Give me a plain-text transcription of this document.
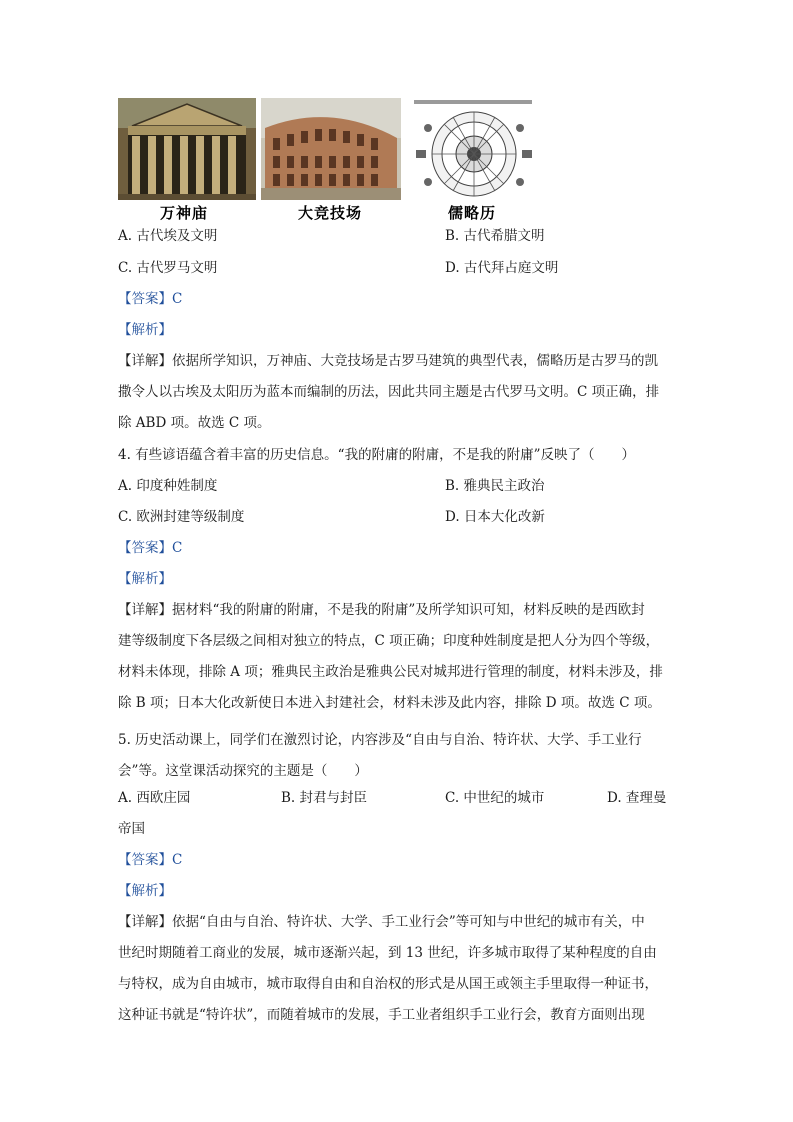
万神庙	大竞技场	儒略历
A. 古代埃及文明	B. 古代希腊文明
C. 古代罗马文明	D. 古代拜占庭文明
【答案】C
【解析】
【详解】依据所学知识，万神庙、大竞技场是古罗马建筑的典型代表，儒略历是古罗马的凯
撒令人以古埃及太阳历为蓝本而编制的历法，因此共同主题是古代罗马文明。C 项正确，排
除 ABD 项。故选 C 项。
4. 有些谚语蕴含着丰富的历史信息。“我的附庸的附庸，不是我的附庸”反映了（　　）
A. 印度种姓制度	B. 雅典民主政治
C. 欧洲封建等级制度	D. 日本大化改新
【答案】C
【解析】
【详解】据材料“我的附庸的附庸，不是我的附庸”及所学知识可知，材料反映的是西欧封
建等级制度下各层级之间相对独立的特点，C 项正确；印度种姓制度是把人分为四个等级，
材料未体现，排除 A 项；雅典民主政治是雅典公民对城邦进行管理的制度，材料未涉及，排
除 B 项；日本大化改新使日本进入封建社会，材料未涉及此内容，排除 D 项。故选 C 项。
5. 历史活动课上，同学们在激烈讨论，内容涉及“自由与自治、特许状、大学、手工业行
会”等。这堂课活动探究的主题是（　　）
A. 西欧庄园	B. 封君与封臣	C. 中世纪的城市	D. 查理曼
帝国
【答案】C
【解析】
【详解】依据“自由与自治、特许状、大学、手工业行会”等可知与中世纪的城市有关，中
世纪时期随着工商业的发展，城市逐渐兴起，到 13 世纪，许多城市取得了某种程度的自由
与特权，成为自由城市，城市取得自由和自治权的形式是从国王或领主手里取得一种证书，
这种证书就是“特许状”，而随着城市的发展，手工业者组织手工业行会，教育方面则出现
